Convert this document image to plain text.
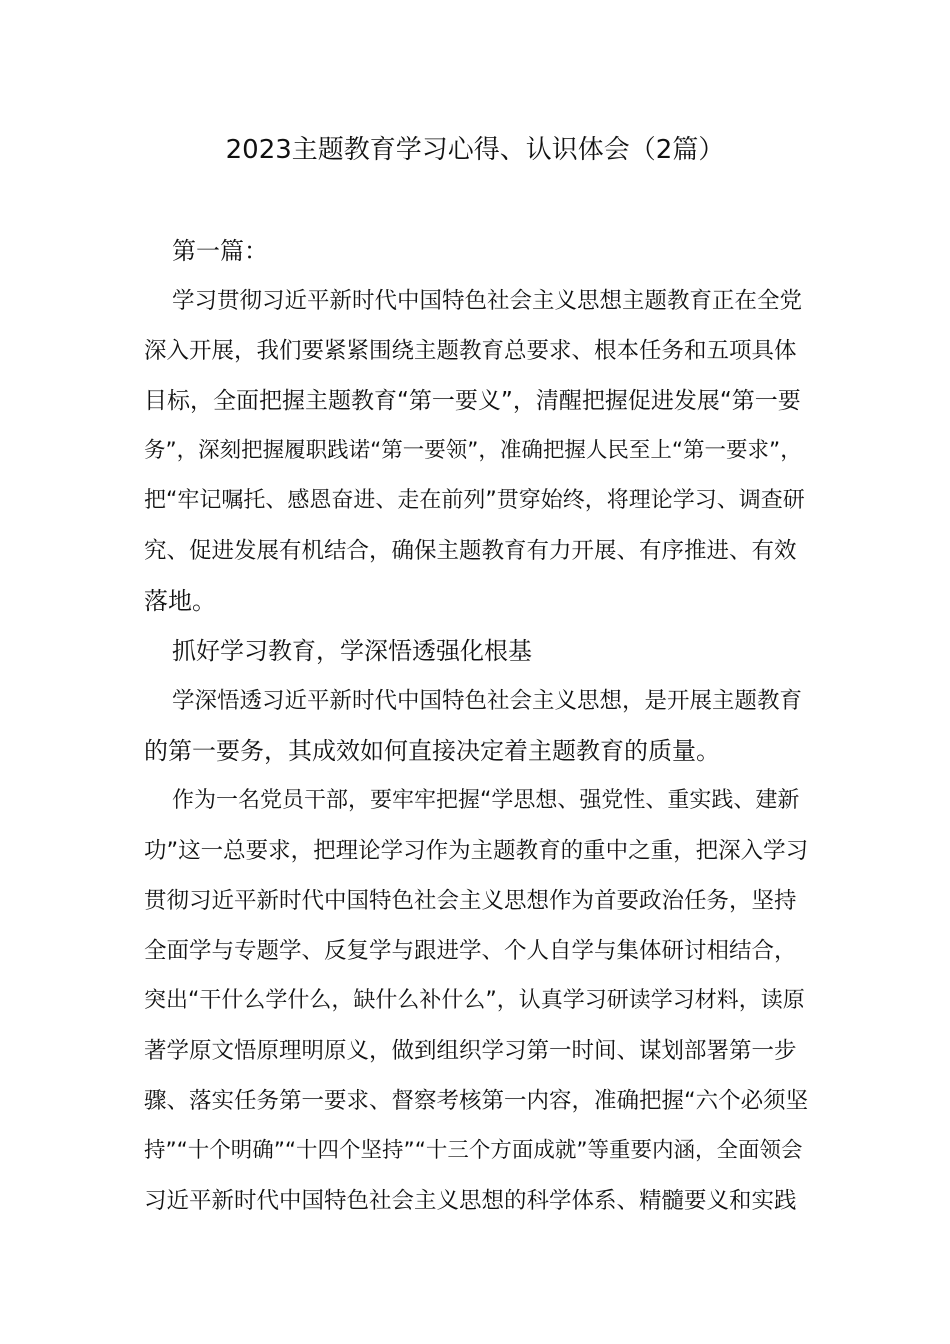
2023主题教育学习心得、认识体会（2篇）
第一篇：
学习贯彻习近平新时代中国特色社会主义思想主题教育正在全党
深入开展，我们要紧紧围绕主题教育总要求、根本任务和五项具体
目标，全面把握主题教育“第一要义”，清醒把握促进发展“第一要
务”，深刻把握履职践诺“第一要领”，准确把握人民至上“第一要求”，
把“牢记嘱托、感恩奋进、走在前列”贯穿始终，将理论学习、调查研
究、促进发展有机结合，确保主题教育有力开展、有序推进、有效
落地。
抓好学习教育，学深悟透强化根基
学深悟透习近平新时代中国特色社会主义思想，是开展主题教育
的第一要务，其成效如何直接决定着主题教育的质量。
作为一名党员干部，要牢牢把握“学思想、强党性、重实践、建新
功”这一总要求，把理论学习作为主题教育的重中之重，把深入学习
贯彻习近平新时代中国特色社会主义思想作为首要政治任务，坚持
全面学与专题学、反复学与跟进学、个人自学与集体研讨相结合，
突出“干什么学什么，缺什么补什么”，认真学习研读学习材料，读原
著学原文悟原理明原义，做到组织学习第一时间、谋划部署第一步
骤、落实任务第一要求、督察考核第一内容，准确把握“六个必须坚
持”“十个明确”“十四个坚持”“十三个方面成就”等重要内涵，全面领会
习近平新时代中国特色社会主义思想的科学体系、精髓要义和实践
